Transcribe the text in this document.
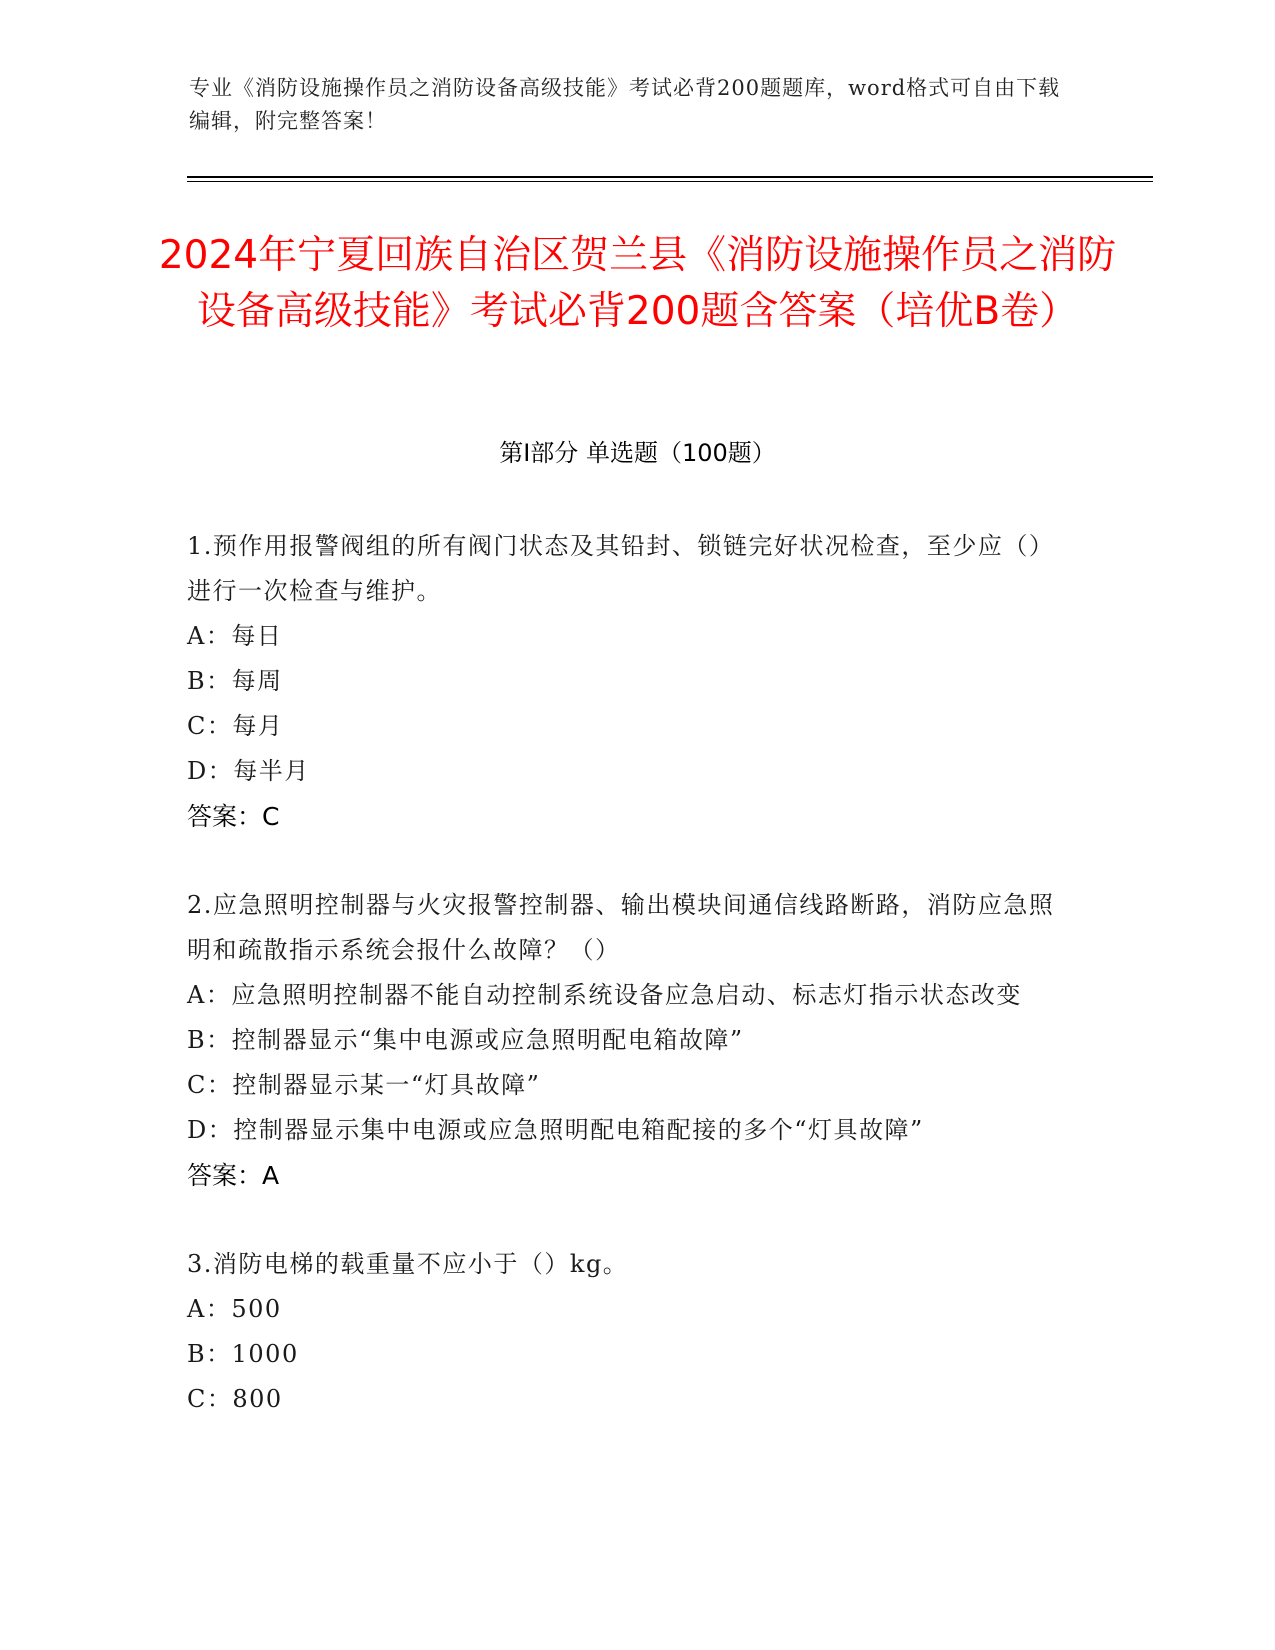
专业《消防设施操作员之消防设备高级技能》考试必背200题题库，word格式可自由下载编辑，附完整答案！
2024年宁夏回族自治区贺兰县《消防设施操作员之消防设备高级技能》考试必背200题含答案（培优B卷）
第Ⅰ部分 单选题（100题）

1.预作用报警阀组的所有阀门状态及其铅封、锁链完好状况检查，至少应（）进行一次检查与维护。

A：每日

B：每周

C：每月

D：每半月

答案：C

2.应急照明控制器与火灾报警控制器、输出模块间通信线路断路，消防应急照明和疏散指示系统会报什么故障？（）

A：应急照明控制器不能自动控制系统设备应急启动、标志灯指示状态改变

B：控制器显示“集中电源或应急照明配电箱故障”

C：控制器显示某一“灯具故障”

D：控制器显示集中电源或应急照明配电箱配接的多个“灯具故障”

答案：A

3.消防电梯的载重量不应小于（）kg。

A：500

B：1000

C：800
